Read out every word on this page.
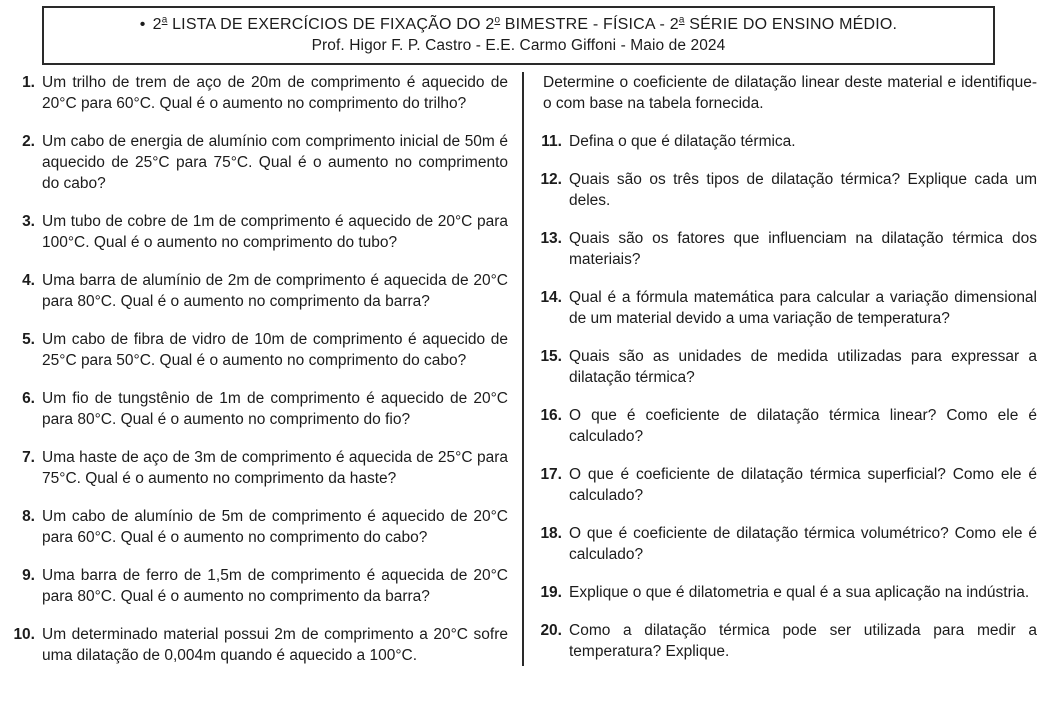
• 2$^a$ LISTA DE EXERCÍCIOS DE FIXAÇÃO DO 2$^o$ BIMESTRE - FÍSICA - 2$^a$ SÉRIE DO ENSINO MÉDIO.
Prof. Higor F. P. Castro - E.E. Carmo Giffoni - Maio de 2024
1. Um trilho de trem de aço de 20m de comprimento é aquecido de 20°C para 60°C. Qual é o aumento no comprimento do trilho?
2. Um cabo de energia de alumínio com comprimento inicial de 50m é aquecido de 25°C para 75°C. Qual é o aumento no comprimento do cabo?
3. Um tubo de cobre de 1m de comprimento é aquecido de 20°C para 100°C. Qual é o aumento no comprimento do tubo?
4. Uma barra de alumínio de 2m de comprimento é aquecida de 20°C para 80°C. Qual é o aumento no comprimento da barra?
5. Um cabo de fibra de vidro de 10m de comprimento é aquecido de 25°C para 50°C. Qual é o aumento no comprimento do cabo?
6. Um fio de tungstênio de 1m de comprimento é aquecido de 20°C para 80°C. Qual é o aumento no comprimento do fio?
7. Uma haste de aço de 3m de comprimento é aquecida de 25°C para 75°C. Qual é o aumento no comprimento da haste?
8. Um cabo de alumínio de 5m de comprimento é aquecido de 20°C para 60°C. Qual é o aumento no comprimento do cabo?
9. Uma barra de ferro de 1,5m de comprimento é aquecida de 20°C para 80°C. Qual é o aumento no comprimento da barra?
10. Um determinado material possui 2m de comprimento a 20°C sofre uma dilatação de 0,004m quando é aquecido a 100°C.
Determine o coeficiente de dilatação linear deste material e identifique-o com base na tabela fornecida.
11. Defina o que é dilatação térmica.
12. Quais são os três tipos de dilatação térmica? Explique cada um deles.
13. Quais são os fatores que influenciam na dilatação térmica dos materiais?
14. Qual é a fórmula matemática para calcular a variação dimensional de um material devido a uma variação de temperatura?
15. Quais são as unidades de medida utilizadas para expressar a dilatação térmica?
16. O que é coeficiente de dilatação térmica linear? Como ele é calculado?
17. O que é coeficiente de dilatação térmica superficial? Como ele é calculado?
18. O que é coeficiente de dilatação térmica volumétrico? Como ele é calculado?
19. Explique o que é dilatometria e qual é a sua aplicação na indústria.
20. Como a dilatação térmica pode ser utilizada para medir a temperatura? Explique.
